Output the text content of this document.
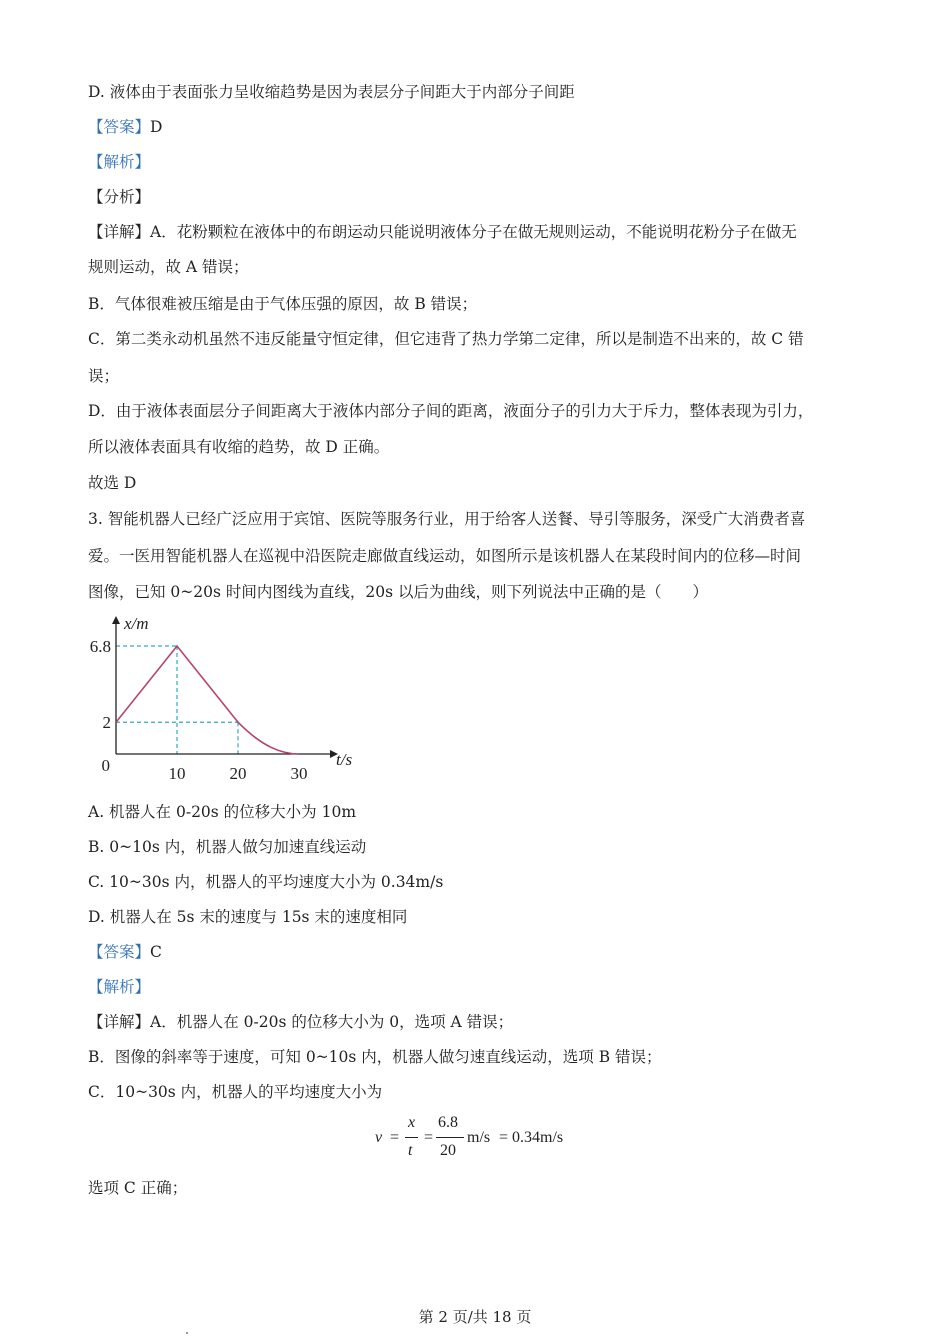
D. 液体由于表面张力呈收缩趋势是因为表层分子间距大于内部分子间距
【答案】D
【解析】
【分析】
【详解】A．花粉颗粒在液体中的布朗运动只能说明液体分子在做无规则运动，不能说明花粉分子在做无
规则运动，故 A 错误；
B．气体很难被压缩是由于气体压强的原因，故 B 错误；
C．第二类永动机虽然不违反能量守恒定律，但它违背了热力学第二定律，所以是制造不出来的，故 C 错
误；
D．由于液体表面层分子间距离大于液体内部分子间的距离，液面分子的引力大于斥力，整体表现为引力，
所以液体表面具有收缩的趋势，故 D 正确。
故选 D
3. 智能机器人已经广泛应用于宾馆、医院等服务行业，用于给客人送餐、导引等服务，深受广大消费者喜
爱。一医用智能机器人在巡视中沿医院走廊做直线运动，如图所示是该机器人在某段时间内的位移—时间
图像，已知 0~20s 时间内图线为直线，20s 以后为曲线，则下列说法中正确的是（　　）
x/m
t/s
0
6.8
2
10	20	30
A. 机器人在 0-20s 的位移大小为 10m
B. 0~10s 内，机器人做匀加速直线运动
C. 10~30s 内，机器人的平均速度大小为 0.34m/s
D. 机器人在 5s 末的速度与 15s 末的速度相同
【答案】C
【解析】
【详解】A．机器人在 0-20s 的位移大小为 0，选项 A 错误；
B．图像的斜率等于速度，可知 0~10s 内，机器人做匀速直线运动，选项 B 错误；
C．10~30s 内，机器人的平均速度大小为
v =
x
t
=
6.8
20
m/s = 0.34m/s
选项 C 正确；
第 2 页/共 18 页
